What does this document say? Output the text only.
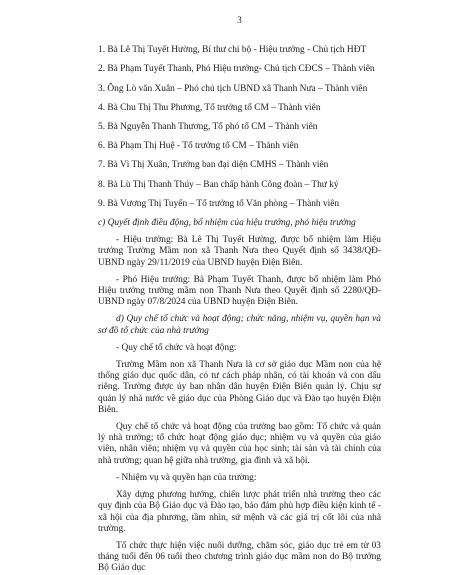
3
1. Bà Lê Thị Tuyết Hường, Bí thư chi bộ - Hiệu trưởng - Chủ tịch HĐT
2. Bà Phạm Tuyết Thanh, Phó Hiệu trưởng- Chủ tịch CĐCS – Thành viên
3. Ông Lò văn Xuân – Phó chủ tịch UBND xã Thanh Nưa – Thành viên
4. Bà Chu Thị Thu Phương, Tổ trưởng tổ CM – Thành viên
5. Bà Nguyễn Thanh Thương, Tổ phó tổ CM – Thành viên
6. Bà Phạm Thị Huệ - Tổ trưởng tổ CM – Thành viên
7. Bà Vì Thị Xuân, Trưởng ban đại diện CMHS – Thành viên
8. Bà Lù Thị Thanh Thúy – Ban chấp hành Công đoàn – Thư ký
9. Bà Vương Thị Tuyến – Tổ trưởng tổ Văn phòng – Thành viên

c) Quyết định điều động, bổ nhiệm của hiệu trưởng, phó hiệu trưởng

- Hiệu trưởng: Bà Lê Thị Tuyết Hường, được bổ nhiệm làm Hiệu trưởng Trường Mầm non xã Thanh Nưa theo Quyết định số 3438/QĐ-UBND ngày 29/11/2019 của UBND huyện Điện Biên.

- Phó Hiệu trưởng: Bà Phạm Tuyết Thanh, được bổ nhiệm làm Phó Hiệu trưởng trường mầm non Thanh Nưa theo Quyết định số 2280/QĐ-UBND ngày 07/8/2024 của UBND huyện Điện Biên.

d) Quy chế tổ chức và hoạt động; chức năng, nhiệm vụ, quyền hạn và sơ đồ tổ chức của nhà trường

- Quy chế tổ chức và hoạt động:

Trường Mầm non xã Thanh Nưa là cơ sở giáo dục Mầm non của hệ thống giáo dục quốc dân, có tư cách pháp nhân, có tài khoản và con dấu riêng. Trường được ủy ban nhân dân huyện Điện Biên quản lý. Chịu sự quản lý nhà nước về giáo dục của Phòng Giáo dục và Đào tạo huyện Điện Biên.

Quy chế tổ chức và hoạt động của trường bao gồm: Tổ chức và quản lý nhà trường; tổ chức hoạt động giáo dục; nhiệm vụ và quyền của giáo viên, nhân viên; nhiệm vụ và quyền của học sinh; tài sản và tài chính của nhà trường; quan hệ giữa nhà trường, gia đình và xã hội.

- Nhiệm vụ và quyền hạn của trường:

Xây dựng phương hướng, chiến lược phát triển nhà trường theo các quy định của Bộ Giáo dục và Đào tạo, bảo đảm phù hợp điều kiện kinh tế - xã hội của địa phương, tầm nhìn, sứ mệnh và các giá trị cốt lõi của nhà trường.

Tổ chức thực hiện việc nuôi dưỡng, chăm sóc, giáo dục trẻ em từ 03 tháng tuổi đến 06 tuổi theo chương trình giáo dục mầm non do Bộ trưởng Bộ Giáo dục
